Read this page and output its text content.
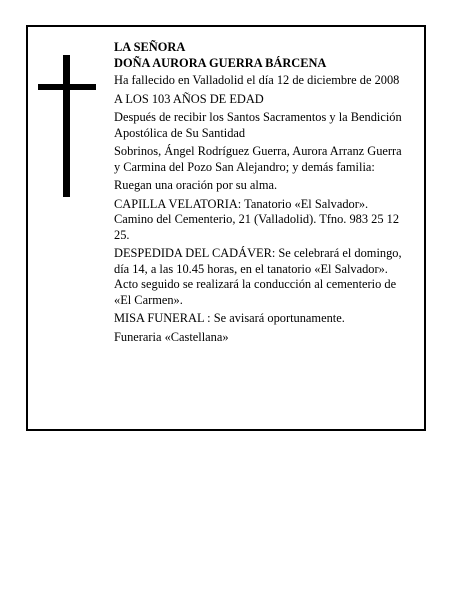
LA SEÑORA

DOÑA AURORA GUERRA BÁRCENA

Ha fallecido en Valladolid el día 12 de diciembre de 2008

A LOS 103 AÑOS DE EDAD

Después de recibir los Santos Sacramentos y la Bendición Apostólica de Su Santidad

Sobrinos, Ángel Rodríguez Guerra, Aurora Arranz Guerra y Carmina del Pozo San Alejandro; y demás familia:

Ruegan una oración por su alma.

CAPILLA VELATORIA: Tanatorio «El Salvador». Camino del Cementerio, 21 (Valladolid). Tfno. 983 25 12 25.

DESPEDIDA DEL CADÁVER: Se celebrará el domingo, día 14, a las 10.45 horas, en el tanatorio «El Salvador». Acto seguido se realizará la conducción al cementerio de «El Carmen».

MISA FUNERAL : Se avisará oportunamente.

Funeraria «Castellana»
